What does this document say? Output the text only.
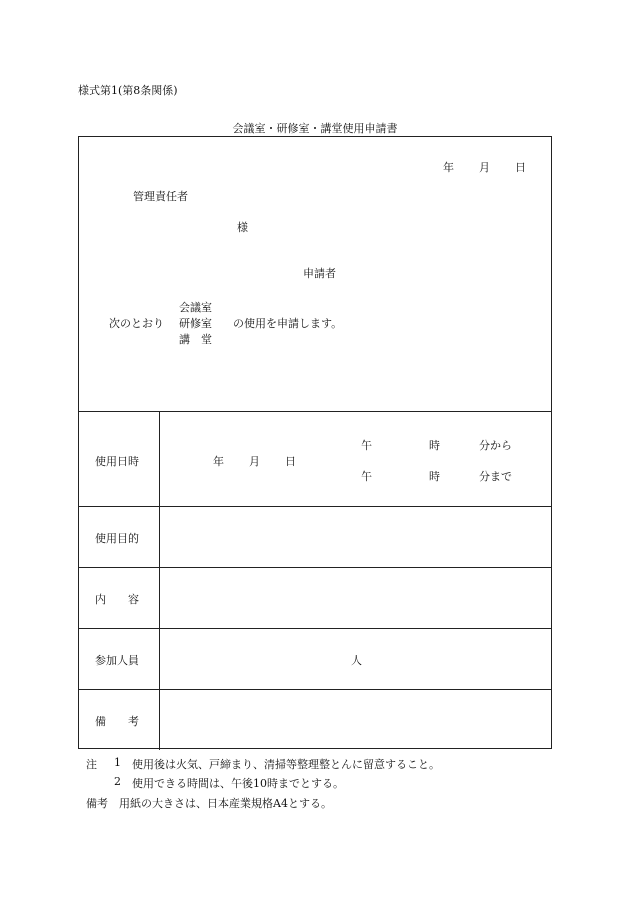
様式第1(第8条関係)
会議室・研修室・講堂使用申請書
年 月 日
管理責任者
様
申請者
次のとおり
会議室
研修室
講　堂
の使用を申請します。
使用日時	年 月 日
午	時	分から
午	時	分まで
使用目的
内　　容
参加人員	人
備　　考
注 1 使用後は火気、戸締まり、清掃等整理整とんに留意すること。
2 使用できる時間は、午後10時までとする。
備考　用紙の大きさは、日本産業規格A4とする。
